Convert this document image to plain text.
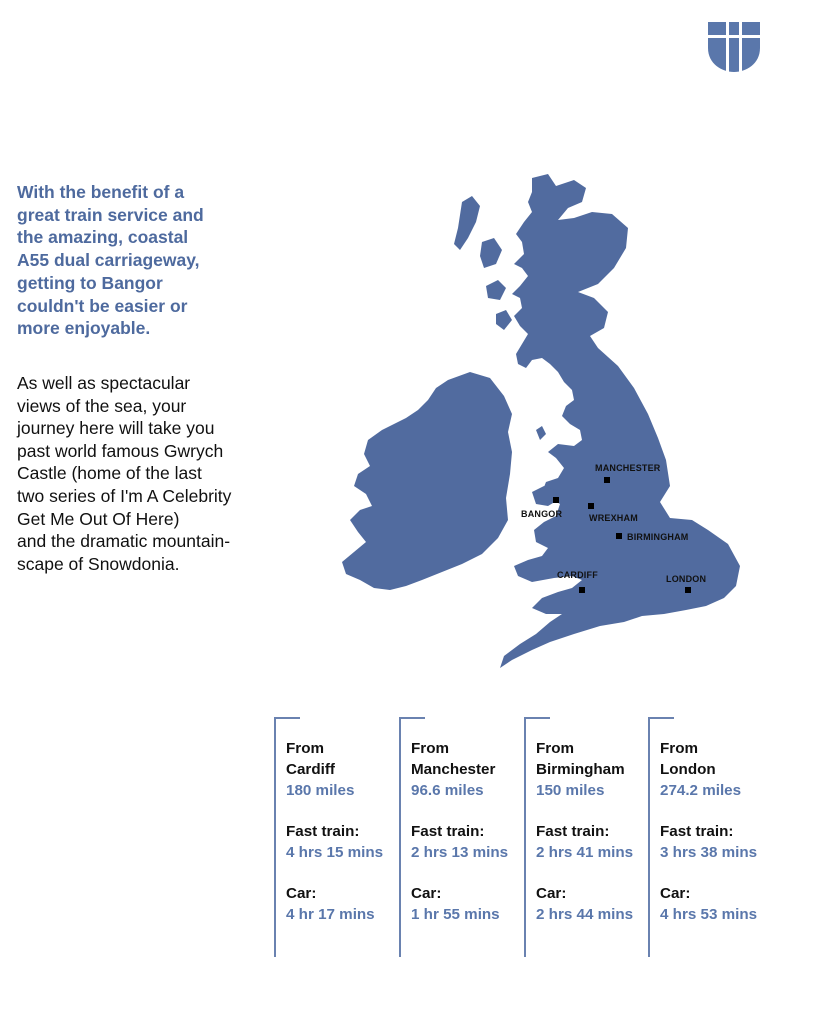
With the benefit of a
great train service and
the amazing, coastal
A55 dual carriageway,
getting to Bangor
couldn't be easier or
more enjoyable.
As well as spectacular
views of the sea, your
journey here will take you
past world famous Gwrych
Castle (home of the last
two series of I'm A Celebrity
Get Me Out Of Here)
and the dramatic mountain-
scape of Snowdonia.
MANCHESTER
BANGOR	WREXHAM
BIRMINGHAM
CARDIFF	LONDON
From
Cardiff
180 miles
Fast train:
4 hrs 15 mins
Car:
4 hr 17 mins
From
Manchester
96.6 miles
Fast train:
2 hrs 13 mins
Car:
1 hr 55 mins
From
Birmingham
150 miles
Fast train:
2 hrs 41 mins
Car:
2 hrs 44 mins
From
London
274.2 miles
Fast train:
3 hrs 38 mins
Car:
4 hrs 53 mins
